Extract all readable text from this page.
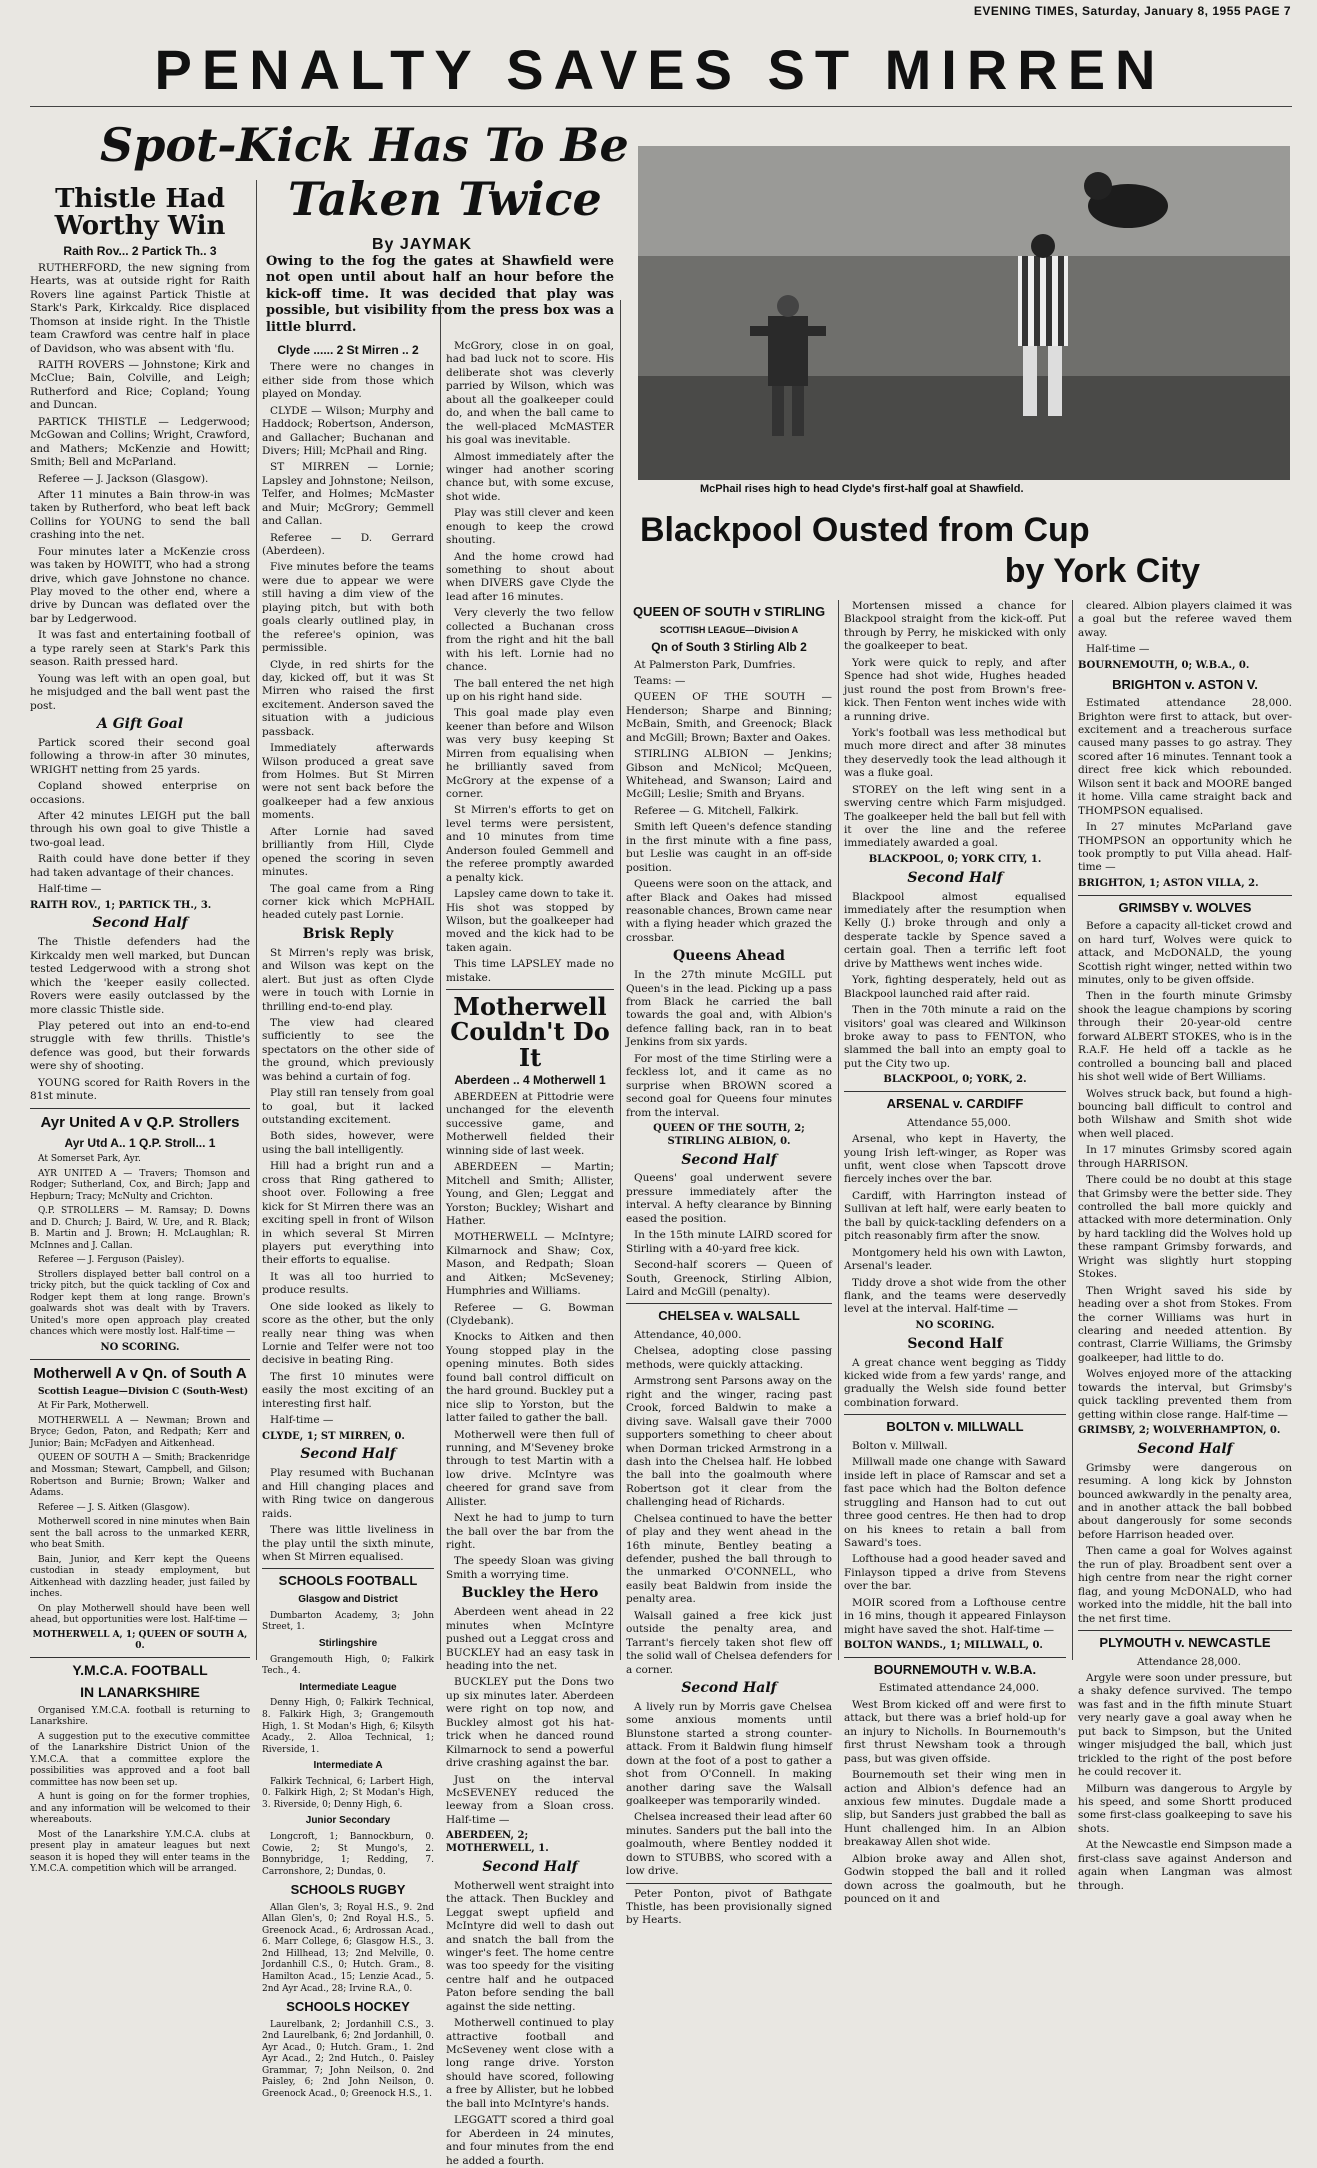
EVENING TIMES, Saturday, January 8, 1955 PAGE 7
PENALTY SAVES ST MIRREN
Spot-Kick Has To Be
Taken Twice
By JAYMAK
Owing to the fog the gates at Shawfield were not open until about half an hour before the kick-off time. It was decided that play was possible, but visibility from the press box was a little blurrd.
McPhail rises high to head Clyde's first-half goal at Shawfield.
Blackpool Ousted from Cup
by York City
Thistle Had
Worthy Win
Raith Rov... 2 Partick Th.. 3

RUTHERFORD, the new signing from Hearts, was at outside right for Raith Rovers line against Partick Thistle at Stark's Park, Kirkcaldy. Rice displaced Thomson at inside right. In the Thistle team Crawford was centre half in place of Davidson, who was absent with 'flu.

RAITH ROVERS — Johnstone; Kirk and McClue; Bain, Colville, and Leigh; Rutherford and Rice; Copland; Young and Duncan.

PARTICK THISTLE — Ledgerwood; McGowan and Collins; Wright, Crawford, and Mathers; McKenzie and Howitt; Smith; Bell and McParland.

Referee — J. Jackson (Glasgow).

After 11 minutes a Bain throw-in was taken by Rutherford, who beat left back Collins for YOUNG to send the ball crashing into the net.

Four minutes later a McKenzie cross was taken by HOWITT, who had a strong drive, which gave Johnstone no chance. Play moved to the other end, where a drive by Duncan was deflated over the bar by Ledgerwood.

It was fast and entertaining football of a type rarely seen at Stark's Park this season. Raith pressed hard.

Young was left with an open goal, but he misjudged and the ball went past the post.

A Gift Goal

Partick scored their second goal following a throw-in after 30 minutes, WRIGHT netting from 25 yards.

Copland showed enterprise on occasions.

After 42 minutes LEIGH put the ball through his own goal to give Thistle a two-goal lead.

Raith could have done better if they had taken advantage of their chances.

Half-time —

RAITH ROV., 1; PARTICK TH., 3.
Second Half

The Thistle defenders had the Kirkcaldy men well marked, but Duncan tested Ledgerwood with a strong shot which the 'keeper easily collected. Rovers were easily outclassed by the more classic Thistle side.

Play petered out into an end-to-end struggle with few thrills. Thistle's defence was good, but their forwards were shy of shooting.

YOUNG scored for Raith Rovers in the 81st minute.

Ayr United A v Q.P. Strollers
Ayr Utd A.. 1 Q.P. Stroll... 1

At Somerset Park, Ayr.

AYR UNITED A — Travers; Thomson and Rodger; Sutherland, Cox, and Birch; Japp and Hepburn; Tracy; McNulty and Crichton.

Q.P. STROLLERS — M. Ramsay; D. Downs and D. Church; J. Baird, W. Ure, and R. Black; B. Martin and J. Brown; H. McLaughlan; R. McInnes and J. Callan.

Referee — J. Ferguson (Paisley).

Strollers displayed better ball control on a tricky pitch, but the quick tackling of Cox and Rodger kept them at long range. Brown's goalwards shot was dealt with by Travers. United's more open approach play created chances which were mostly lost. Half-time —

NO SCORING.
Motherwell A v Qn. of South A

Scottish League—Division C (South-West)

At Fir Park, Motherwell.

MOTHERWELL A — Newman; Brown and Bryce; Gedon, Paton, and Redpath; Kerr and Junior; Bain; McFadyen and Aitkenhead.

QUEEN OF SOUTH A — Smith; Brackenridge and Mossman; Stewart, Campbell, and Gilson; Robertson and Burnie; Brown; Walker and Adams.

Referee — J. S. Aitken (Glasgow).

Motherwell scored in nine minutes when Bain sent the ball across to the unmarked KERR, who beat Smith.

Bain, Junior, and Kerr kept the Queens custodian in steady employment, but Aitkenhead with dazzling header, just failed by inches.

On play Motherwell should have been well ahead, but opportunities were lost. Half-time —

MOTHERWELL A, 1; QUEEN OF SOUTH A, 0.
Y.M.C.A. FOOTBALL
IN LANARKSHIRE

Organised Y.M.C.A. football is returning to Lanarkshire.

A suggestion put to the executive committee of the Lanarkshire District Union of the Y.M.C.A. that a committee explore the possibilities was approved and a foot ball committee has now been set up.

A hunt is going on for the former trophies, and any information will be welcomed to their whereabouts.

Most of the Lanarkshire Y.M.C.A. clubs at present play in amateur leagues but next season it is hoped they will enter teams in the Y.M.C.A. competition which will be arranged.

Clyde ...... 2 St Mirren .. 2

There were no changes in either side from those which played on Monday.

CLYDE — Wilson; Murphy and Haddock; Robertson, Anderson, and Gallacher; Buchanan and Divers; Hill; McPhail and Ring.

ST MIRREN — Lornie; Lapsley and Johnstone; Neilson, Telfer, and Holmes; McMaster and Muir; McGrory; Gemmell and Callan.

Referee — D. Gerrard (Aberdeen).

Five minutes before the teams were due to appear we were still having a dim view of the playing pitch, but with both goals clearly outlined play, in the referee's opinion, was permissible.

Clyde, in red shirts for the day, kicked off, but it was St Mirren who raised the first excitement. Anderson saved the situation with a judicious passback.

Immediately afterwards Wilson produced a great save from Holmes. But St Mirren were not sent back before the goalkeeper had a few anxious moments.

After Lornie had saved brilliantly from Hill, Clyde opened the scoring in seven minutes.

The goal came from a Ring corner kick which McPHAIL headed cutely past Lornie.

Brisk Reply

St Mirren's reply was brisk, and Wilson was kept on the alert. But just as often Clyde were in touch with Lornie in thrilling end-to-end play.

The view had cleared sufficiently to see the spectators on the other side of the ground, which previously was behind a curtain of fog.

Play still ran tensely from goal to goal, but it lacked outstanding excitement.

Both sides, however, were using the ball intelligently.

Hill had a bright run and a cross that Ring gathered to shoot over. Following a free kick for St Mirren there was an exciting spell in front of Wilson in which several St Mirren players put everything into their efforts to equalise.

It was all too hurried to produce results.

One side looked as likely to score as the other, but the only really near thing was when Lornie and Telfer were not too decisive in beating Ring.

The first 10 minutes were easily the most exciting of an interesting first half.

Half-time —

CLYDE, 1; ST MIRREN, 0.
Second Half

Play resumed with Buchanan and Hill changing places and with Ring twice on dangerous raids.

There was little liveliness in the play until the sixth minute, when St Mirren equalised.

SCHOOLS FOOTBALL
Glasgow and District

Dumbarton Academy, 3; John Street, 1.

Stirlingshire

Grangemouth High, 0; Falkirk Tech., 4.

Intermediate League

Denny High, 0; Falkirk Technical, 8. Falkirk High, 3; Grangemouth High, 1. St Modan's High, 6; Kilsyth Acady., 2. Alloa Technical, 1; Riverside, 1.

Intermediate A

Falkirk Technical, 6; Larbert High, 0. Falkirk High, 2; St Modan's High, 3. Riverside, 0; Denny High, 6.

Junior Secondary

Longcroft, 1; Bannockburn, 0. Cowie, 2; St Mungo's, 2. Bonnybridge, 1; Redding, 7. Carronshore, 2; Dundas, 0.

SCHOOLS RUGBY

Allan Glen's, 3; Royal H.S., 9. 2nd Allan Glen's, 0; 2nd Royal H.S., 5. Greenock Acad., 6; Ardrossan Acad., 6. Marr College, 6; Glasgow H.S., 3. 2nd Hillhead, 13; 2nd Melville, 0. Jordanhill C.S., 0; Hutch. Gram., 8. Hamilton Acad., 15; Lenzie Acad., 5. 2nd Ayr Acad., 28; Irvine R.A., 0.

SCHOOLS HOCKEY

Laurelbank, 2; Jordanhill C.S., 3. 2nd Laurelbank, 6; 2nd Jordanhill, 0. Ayr Acad., 0; Hutch. Gram., 1. 2nd Ayr Acad., 2; 2nd Hutch., 0. Paisley Grammar, 7; John Neilson, 0. 2nd Paisley, 6; 2nd John Neilson, 0. Greenock Acad., 0; Greenock H.S., 1.

McGrory, close in on goal, had bad luck not to score. His deliberate shot was cleverly parried by Wilson, which was about all the goalkeeper could do, and when the ball came to the well-placed McMASTER his goal was inevitable.

Almost immediately after the winger had another scoring chance but, with some excuse, shot wide.

Play was still clever and keen enough to keep the crowd shouting.

And the home crowd had something to shout about when DIVERS gave Clyde the lead after 16 minutes.

Very cleverly the two fellow collected a Buchanan cross from the right and hit the ball with his left. Lornie had no chance.

The ball entered the net high up on his right hand side.

This goal made play even keener than before and Wilson was very busy keeping St Mirren from equalising when he brilliantly saved from McGrory at the expense of a corner.

St Mirren's efforts to get on level terms were persistent, and 10 minutes from time Anderson fouled Gemmell and the referee promptly awarded a penalty kick.

Lapsley came down to take it. His shot was stopped by Wilson, but the goalkeeper had moved and the kick had to be taken again.

This time LAPSLEY made no mistake.

Motherwell
Couldn't Do It
Aberdeen .. 4 Motherwell 1

ABERDEEN at Pittodrie were unchanged for the eleventh successive game, and Motherwell fielded their winning side of last week.

ABERDEEN — Martin; Mitchell and Smith; Allister, Young, and Glen; Leggat and Yorston; Buckley; Wishart and Hather.

MOTHERWELL — McIntyre; Kilmarnock and Shaw; Cox, Mason, and Redpath; Sloan and Aitken; McSeveney; Humphries and Williams.

Referee — G. Bowman (Clydebank).

Knocks to Aitken and then Young stopped play in the opening minutes. Both sides found ball control difficult on the hard ground. Buckley put a nice slip to Yorston, but the latter failed to gather the ball.

Motherwell were then full of running, and M'Seveney broke through to test Martin with a low drive. McIntyre was cheered for grand save from Allister.

Next he had to jump to turn the ball over the bar from the right.

The speedy Sloan was giving Smith a worrying time.

Buckley the Hero

Aberdeen went ahead in 22 minutes when McIntyre pushed out a Leggat cross and BUCKLEY had an easy task in heading into the net.

BUCKLEY put the Dons two up six minutes later. Aberdeen were right on top now, and Buckley almost got his hat-trick when he danced round Kilmarnock to send a powerful drive crashing against the bar.

Just on the interval McSEVENEY reduced the leeway from a Sloan cross. Half-time —

ABERDEEN, 2; MOTHERWELL, 1.
Second Half

Motherwell went straight into the attack. Then Buckley and Leggat swept upfield and McIntyre did well to dash out and snatch the ball from the winger's feet. The home centre was too speedy for the visiting centre half and he outpaced Paton before sending the ball against the side netting.

Motherwell continued to play attractive football and McSeveney went close with a long range drive. Yorston should have scored, following a free by Allister, but he lobbed the ball into McIntyre's hands.

LEGGATT scored a third goal for Aberdeen in 24 minutes, and four minutes from the end he added a fourth.

QUEEN OF SOUTH v STIRLING
SCOTTISH LEAGUE—Division A
Qn of South 3 Stirling Alb 2

At Palmerston Park, Dumfries.

Teams: —

QUEEN OF THE SOUTH — Henderson; Sharpe and Binning; McBain, Smith, and Greenock; Black and McGill; Brown; Baxter and Oakes.

STIRLING ALBION — Jenkins; Gibson and McNicol; McQueen, Whitehead, and Swanson; Laird and McGill; Leslie; Smith and Bryans.

Referee — G. Mitchell, Falkirk.

Smith left Queen's defence standing in the first minute with a fine pass, but Leslie was caught in an off-side position.

Queens were soon on the attack, and after Black and Oakes had missed reasonable chances, Brown came near with a flying header which grazed the crossbar.

Queens Ahead

In the 27th minute McGILL put Queen's in the lead. Picking up a pass from Black he carried the ball towards the goal and, with Albion's defence falling back, ran in to beat Jenkins from six yards.

For most of the time Stirling were a feckless lot, and it came as no surprise when BROWN scored a second goal for Queens four minutes from the interval.

QUEEN OF THE SOUTH, 2; STIRLING ALBION, 0.
Second Half

Queens' goal underwent severe pressure immediately after the interval. A hefty clearance by Binning eased the position.

In the 15th minute LAIRD scored for Stirling with a 40-yard free kick.

Second-half scorers — Queen of South, Greenock, Stirling Albion, Laird and McGill (penalty).

CHELSEA v. WALSALL

Attendance, 40,000.

Chelsea, adopting close passing methods, were quickly attacking.

Armstrong sent Parsons away on the right and the winger, racing past Crook, forced Baldwin to make a diving save. Walsall gave their 7000 supporters something to cheer about when Dorman tricked Armstrong in a dash into the Chelsea half. He lobbed the ball into the goalmouth where Robertson got it clear from the challenging head of Richards.

Chelsea continued to have the better of play and they went ahead in the 16th minute, Bentley beating a defender, pushed the ball through to the unmarked O'CONNELL, who easily beat Baldwin from inside the penalty area.

Walsall gained a free kick just outside the penalty area, and Tarrant's fiercely taken shot flew off the solid wall of Chelsea defenders for a corner.

Second Half

A lively run by Morris gave Chelsea some anxious moments until Blunstone started a strong counter-attack. From it Baldwin flung himself down at the foot of a post to gather a shot from O'Connell. In making another daring save the Walsall goalkeeper was temporarily winded.

Chelsea increased their lead after 60 minutes. Sanders put the ball into the goalmouth, where Bentley nodded it down to STUBBS, who scored with a low drive.

Peter Ponton, pivot of Bathgate Thistle, has been provisionally signed by Hearts.

Mortensen missed a chance for Blackpool straight from the kick-off. Put through by Perry, he miskicked with only the goalkeeper to beat.

York were quick to reply, and after Spence had shot wide, Hughes headed just round the post from Brown's free-kick. Then Fenton went inches wide with a running drive.

York's football was less methodical but much more direct and after 38 minutes they deservedly took the lead although it was a fluke goal.

STOREY on the left wing sent in a swerving centre which Farm misjudged. The goalkeeper held the ball but fell with it over the line and the referee immediately awarded a goal.

BLACKPOOL, 0; YORK CITY, 1.
Second Half

Blackpool almost equalised immediately after the resumption when Kelly (J.) broke through and only a desperate tackle by Spence saved a certain goal. Then a terrific left foot drive by Matthews went inches wide.

York, fighting desperately, held out as Blackpool launched raid after raid.

Then in the 70th minute a raid on the visitors' goal was cleared and Wilkinson broke away to pass to FENTON, who slammed the ball into an empty goal to put the City two up.

BLACKPOOL, 0; YORK, 2.
ARSENAL v. CARDIFF

Attendance 55,000.

Arsenal, who kept in Haverty, the young Irish left-winger, as Roper was unfit, went close when Tapscott drove fiercely inches over the bar.

Cardiff, with Harrington instead of Sullivan at left half, were early beaten to the ball by quick-tackling defenders on a pitch reasonably firm after the snow.

Montgomery held his own with Lawton, Arsenal's leader.

Tiddy drove a shot wide from the other flank, and the teams were deservedly level at the interval. Half-time —

NO SCORING.
Second Half

A great chance went begging as Tiddy kicked wide from a few yards' range, and gradually the Welsh side found better combination forward.

BOLTON v. MILLWALL

Bolton v. Millwall.

Millwall made one change with Saward inside left in place of Ramscar and set a fast pace which had the Bolton defence struggling and Hanson had to cut out three good centres. He then had to drop on his knees to retain a ball from Saward's toes.

Lofthouse had a good header saved and Finlayson tipped a drive from Stevens over the bar.

MOIR scored from a Lofthouse centre in 16 mins, though it appeared Finlayson might have saved the shot. Half-time —

BOLTON WANDS., 1; MILLWALL, 0.
BOURNEMOUTH v. W.B.A.

Estimated attendance 24,000.

West Brom kicked off and were first to attack, but there was a brief hold-up for an injury to Nicholls. In Bournemouth's first thrust Newsham took a through pass, but was given offside.

Bournemouth set their wing men in action and Albion's defence had an anxious few minutes. Dugdale made a slip, but Sanders just grabbed the ball as Hunt challenged him. In an Albion breakaway Allen shot wide.

Albion broke away and Allen shot, Godwin stopped the ball and it rolled down across the goalmouth, but he pounced on it and

cleared. Albion players claimed it was a goal but the referee waved them away.

Half-time —

BOURNEMOUTH, 0; W.B.A., 0.
BRIGHTON v. ASTON V.

Estimated attendance 28,000. Brighton were first to attack, but over-excitement and a treacherous surface caused many passes to go astray. They scored after 16 minutes. Tennant took a direct free kick which rebounded. Wilson sent it back and MOORE banged it home. Villa came straight back and THOMPSON equalised.

In 27 minutes McParland gave THOMPSON an opportunity which he took promptly to put Villa ahead. Half-time —

BRIGHTON, 1; ASTON VILLA, 2.
GRIMSBY v. WOLVES

Before a capacity all-ticket crowd and on hard turf, Wolves were quick to attack, and McDONALD, the young Scottish right winger, netted within two minutes, only to be given offside.

Then in the fourth minute Grimsby shook the league champions by scoring through their 20-year-old centre forward ALBERT STOKES, who is in the R.A.F. He held off a tackle as he controlled a bouncing ball and placed his shot well wide of Bert Williams.

Wolves struck back, but found a high-bouncing ball difficult to control and both Wilshaw and Smith shot wide when well placed.

In 17 minutes Grimsby scored again through HARRISON.

There could be no doubt at this stage that Grimsby were the better side. They controlled the ball more quickly and attacked with more determination. Only by hard tackling did the Wolves hold up these rampant Grimsby forwards, and Wright was slightly hurt stopping Stokes.

Then Wright saved his side by heading over a shot from Stokes. From the corner Williams was hurt in clearing and needed attention. By contrast, Clarrie Williams, the Grimsby goalkeeper, had little to do.

Wolves enjoyed more of the attacking towards the interval, but Grimsby's quick tackling prevented them from getting within close range. Half-time —

GRIMSBY, 2; WOLVERHAMPTON, 0.
Second Half

Grimsby were dangerous on resuming. A long kick by Johnston bounced awkwardly in the penalty area, and in another attack the ball bobbed about dangerously for some seconds before Harrison headed over.

Then came a goal for Wolves against the run of play. Broadbent sent over a high centre from near the right corner flag, and young McDONALD, who had worked into the middle, hit the ball into the net first time.

PLYMOUTH v. NEWCASTLE

Attendance 28,000.

Argyle were soon under pressure, but a shaky defence survived. The tempo was fast and in the fifth minute Stuart very nearly gave a goal away when he put back to Simpson, but the United winger misjudged the ball, which just trickled to the right of the post before he could recover it.

Milburn was dangerous to Argyle by his speed, and some Shortt produced some first-class goalkeeping to save his shots.

At the Newcastle end Simpson made a first-class save against Anderson and again when Langman was almost through.
